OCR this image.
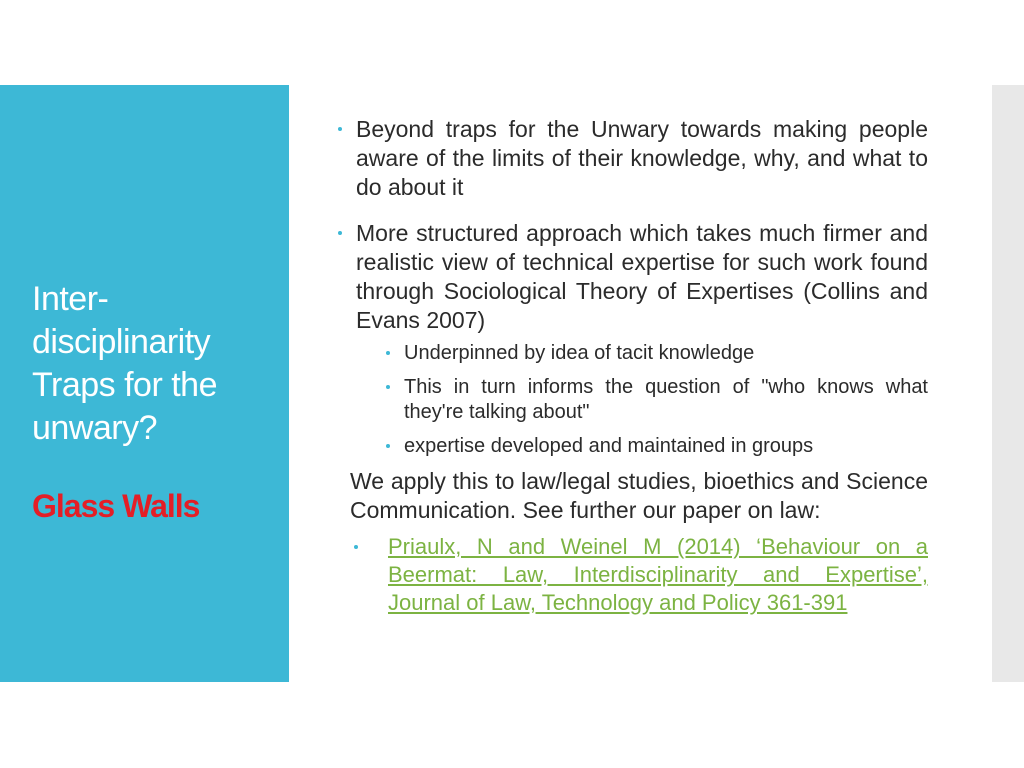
Inter-disciplinarity Traps for the unwary?
Glass Walls
Beyond traps for the Unwary towards making people aware of the limits of their knowledge, why, and what to do about it
More structured approach which takes much firmer and realistic view of technical expertise for such work found through Sociological Theory of Expertises (Collins and Evans 2007)
Underpinned by idea of tacit knowledge
This in turn informs the question of "who knows what they're talking about"
expertise developed and maintained in groups
We apply this to law/legal studies, bioethics and Science Communication. See further our paper on law:
Priaulx, N and Weinel M (2014) ‘Behaviour on a Beermat: Law, Interdisciplinarity and Expertise’, Journal of Law, Technology and Policy 361-391
